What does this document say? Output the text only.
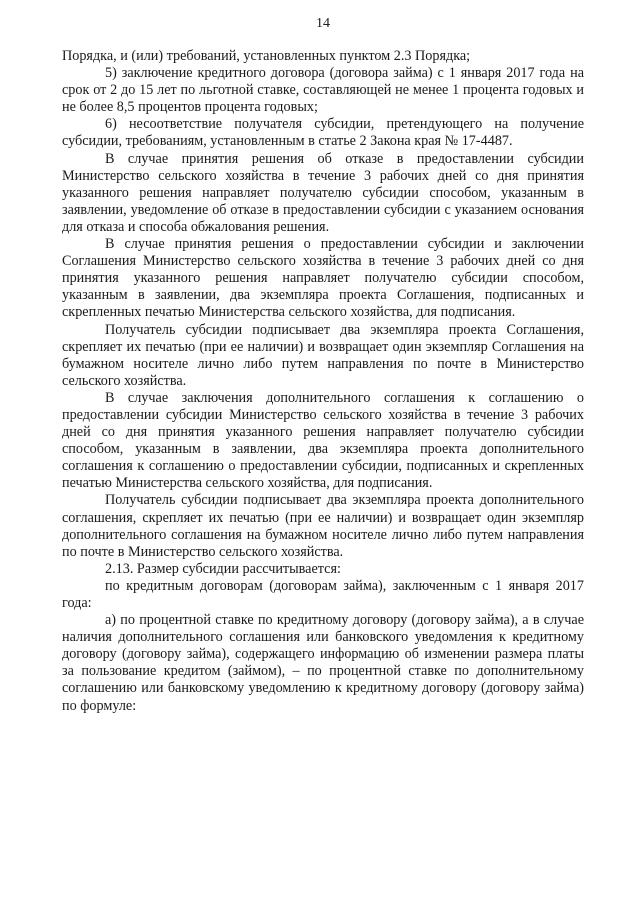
14

Порядка, и (или) требований, установленных пунктом 2.3 Порядка;

5) заключение кредитного договора (договора займа) с 1 января 2017 года на срок от 2 до 15 лет по льготной ставке, составляющей не менее 1 процента годовых и не более 8,5 процентов процента годовых;

6) несоответствие получателя субсидии, претендующего на получение субсидии, требованиям, установленным в статье 2 Закона края № 17-4487.

В случае принятия решения об отказе в предоставлении субсидии Министерство сельского хозяйства в течение 3 рабочих дней со дня принятия указанного решения направляет получателю субсидии способом, указанным в заявлении, уведомление об отказе в предоставлении субсидии с указанием основания для отказа и способа обжалования решения.

В случае принятия решения о предоставлении субсидии и заключении Соглашения Министерство сельского хозяйства в течение 3 рабочих дней со дня принятия указанного решения направляет получателю субсидии способом, указанным в заявлении, два экземпляра проекта Соглашения, подписанных и скрепленных печатью Министерства сельского хозяйства, для подписания.

Получатель субсидии подписывает два экземпляра проекта Соглашения, скрепляет их печатью (при ее наличии) и возвращает один экземпляр Соглашения на бумажном носителе лично либо путем направления по почте в Министерство сельского хозяйства.

В случае заключения дополнительного соглашения к соглашению о предоставлении субсидии Министерство сельского хозяйства в течение 3 рабочих дней со дня принятия указанного решения направляет получателю субсидии способом, указанным в заявлении, два экземпляра проекта дополнительного соглашения к соглашению о предоставлении субсидии, подписанных и скрепленных печатью Министерства сельского хозяйства, для подписания.

Получатель субсидии подписывает два экземпляра проекта дополнительного соглашения, скрепляет их печатью (при ее наличии) и возвращает один экземпляр дополнительного соглашения на бумажном носителе лично либо путем направления по почте в Министерство сельского хозяйства.

2.13. Размер субсидии рассчитывается:

по кредитным договорам (договорам займа), заключенным с 1 января 2017 года:

а) по процентной ставке по кредитному договору (договору займа), а в случае наличия дополнительного соглашения или банковского уведомления к кредитному договору (договору займа), содержащего информацию об изменении размера платы за пользование кредитом (займом), – по процентной ставке по дополнительному соглашению или банковскому уведомлению к кредитному договору (договору займа) по формуле:
